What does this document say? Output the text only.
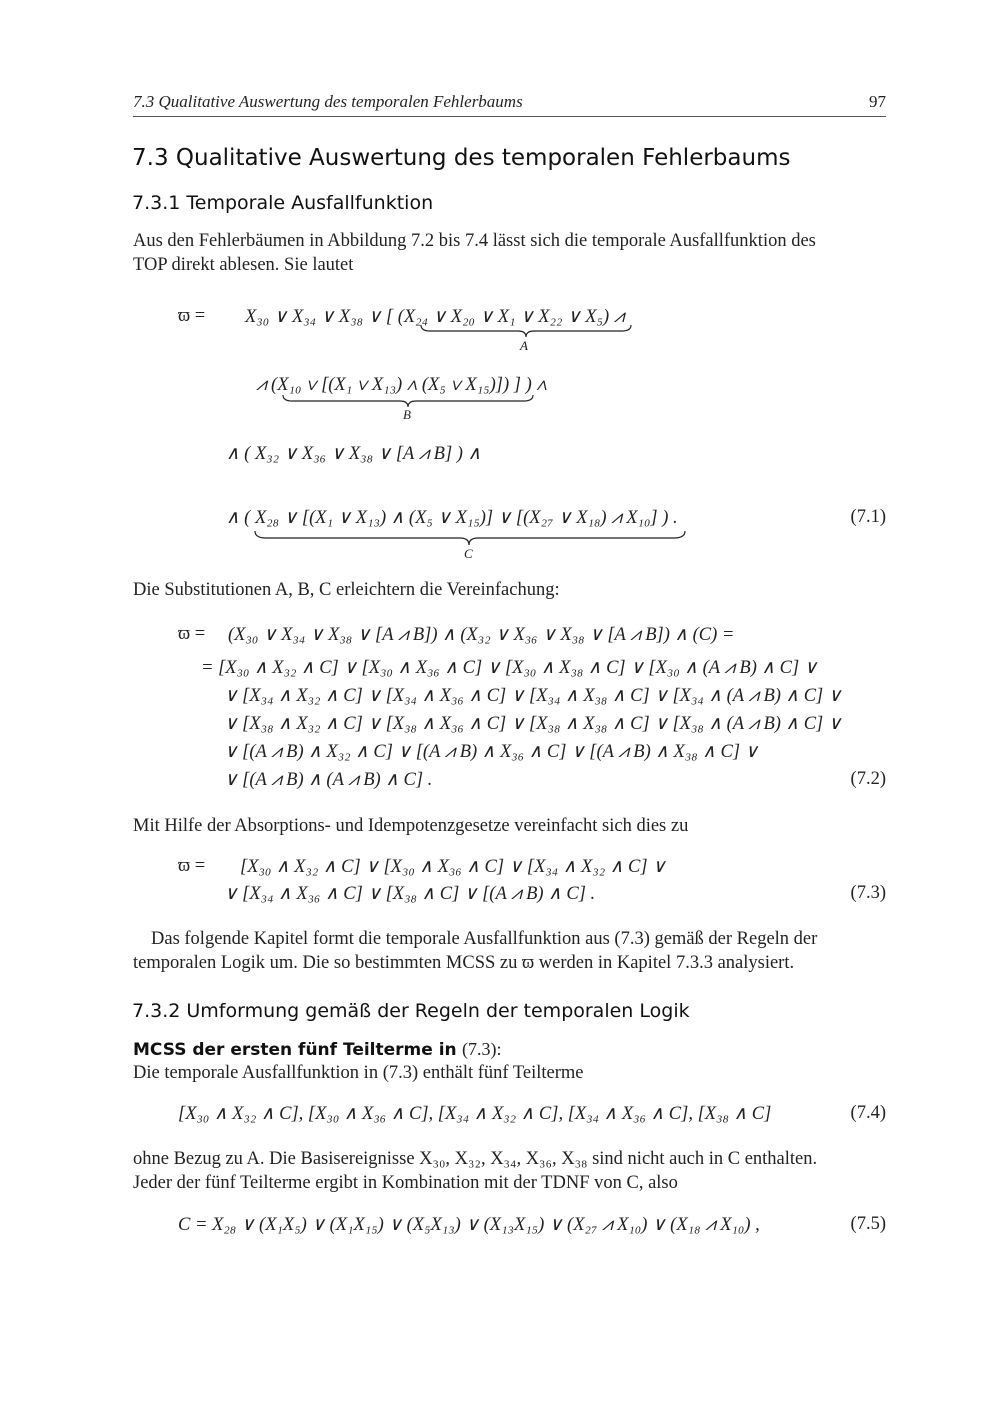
7.3 Qualitative Auswertung des temporalen Fehlerbaums	97
7.3 Qualitative Auswertung des temporalen Fehlerbaums
7.3.1 Temporale Ausfallfunktion
Aus den Fehlerbäumen in Abbildung 7.2 bis 7.4 lässt sich die temporale Ausfallfunktion des
TOP direkt ablesen. Sie lautet
ϖ = X₃₀ ∨ X₃₄ ∨ X₃₈ ∨ [ (X₂₄ ∨ X₂₀ ∨ X₁ ∨ X₂₂ ∨ X₅) ⩘
A
⩘ (X₁₀ ∨ [(X₁ ∨ X₁₃) ∧ (X₅ ∨ X₁₅)]) ] ) ∧
B
∧ ( X₃₂ ∨ X₃₆ ∨ X₃₈ ∨ [A ⩘ B] ) ∧
∧ ( X₂₈ ∨ [(X₁ ∨ X₁₃) ∧ (X₅ ∨ X₁₅)] ∨ [(X₂₇ ∨ X₁₈) ⩘ X₁₀] ) .
C
(7.1)
Die Substitutionen A, B, C erleichtern die Vereinfachung:
ϖ = (X₃₀ ∨ X₃₄ ∨ X₃₈ ∨ [A ⩘ B]) ∧ (X₃₂ ∨ X₃₆ ∨ X₃₈ ∨ [A ⩘ B]) ∧ (C) =
= [X₃₀ ∧ X₃₂ ∧ C] ∨ [X₃₀ ∧ X₃₆ ∧ C] ∨ [X₃₀ ∧ X₃₈ ∧ C] ∨ [X₃₀ ∧ (A ⩘ B) ∧ C] ∨
∨ [X₃₄ ∧ X₃₂ ∧ C] ∨ [X₃₄ ∧ X₃₆ ∧ C] ∨ [X₃₄ ∧ X₃₈ ∧ C] ∨ [X₃₄ ∧ (A ⩘ B) ∧ C] ∨
∨ [X₃₈ ∧ X₃₂ ∧ C] ∨ [X₃₈ ∧ X₃₆ ∧ C] ∨ [X₃₈ ∧ X₃₈ ∧ C] ∨ [X₃₈ ∧ (A ⩘ B) ∧ C] ∨
∨ [(A ⩘ B) ∧ X₃₂ ∧ C] ∨ [(A ⩘ B) ∧ X₃₆ ∧ C] ∨ [(A ⩘ B) ∧ X₃₈ ∧ C] ∨
∨ [(A ⩘ B) ∧ (A ⩘ B) ∧ C] .	(7.2)
Mit Hilfe der Absorptions- und Idempotenzgesetze vereinfacht sich dies zu
ϖ = [X₃₀ ∧ X₃₂ ∧ C] ∨ [X₃₀ ∧ X₃₆ ∧ C] ∨ [X₃₄ ∧ X₃₂ ∧ C] ∨
∨ [X₃₄ ∧ X₃₆ ∧ C] ∨ [X₃₈ ∧ C] ∨ [(A ⩘ B) ∧ C] .	(7.3)
Das folgende Kapitel formt die temporale Ausfallfunktion aus (7.3) gemäß der Regeln der
temporalen Logik um. Die so bestimmten MCSS zu ϖ werden in Kapitel 7.3.3 analysiert.
7.3.2 Umformung gemäß der Regeln der temporalen Logik
MCSS der ersten fünf Teilterme in (7.3):
Die temporale Ausfallfunktion in (7.3) enthält fünf Teilterme
[X₃₀ ∧ X₃₂ ∧ C], [X₃₀ ∧ X₃₆ ∧ C], [X₃₄ ∧ X₃₂ ∧ C], [X₃₄ ∧ X₃₆ ∧ C], [X₃₈ ∧ C]	(7.4)
ohne Bezug zu A. Die Basisereignisse X₃₀, X₃₂, X₃₄, X₃₆, X₃₈ sind nicht auch in C enthalten.
Jeder der fünf Teilterme ergibt in Kombination mit der TDNF von C, also
C = X₂₈ ∨ (X₁X₅) ∨ (X₁X₁₅) ∨ (X₅X₁₃) ∨ (X₁₃X₁₅) ∨ (X₂₇ ⩘ X₁₀) ∨ (X₁₈ ⩘ X₁₀) ,	(7.5)
